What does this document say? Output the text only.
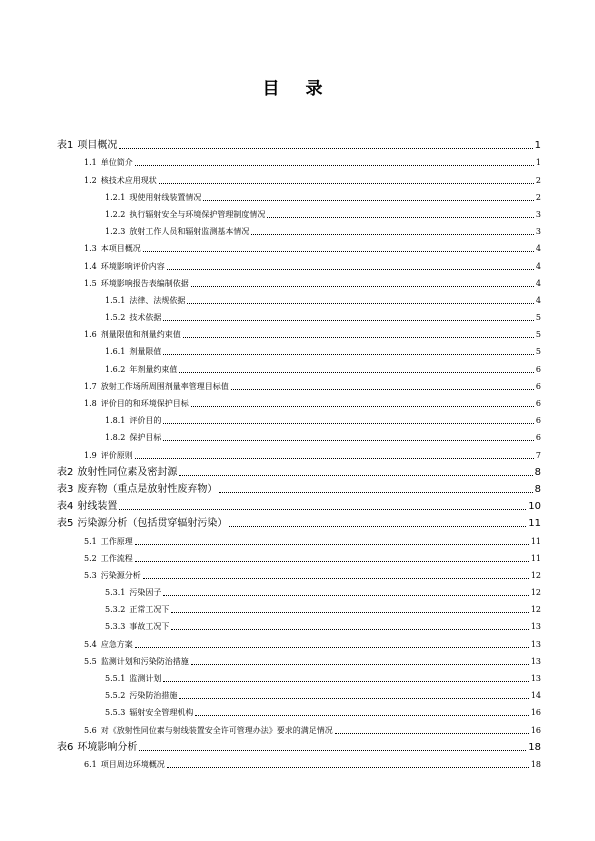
目 录
表1 项目概况	1
1.1 单位简介	1
1.2 核技术应用现状	2
1.2.1 现使用射线装置情况	2
1.2.2 执行辐射安全与环境保护管理制度情况	3
1.2.3 放射工作人员和辐射监测基本情况	3
1.3 本项目概况	4
1.4 环境影响评价内容	4
1.5 环境影响报告表编制依据	4
1.5.1 法律、法规依据	4
1.5.2 技术依据	5
1.6 剂量限值和剂量约束值	5
1.6.1 剂量限值	5
1.6.2 年剂量约束值	6
1.7 放射工作场所周围剂量率管理目标值	6
1.8 评价目的和环境保护目标	6
1.8.1 评价目的	6
1.8.2 保护目标	6
1.9 评价原则	7
表2 放射性同位素及密封源	8
表3 废弃物（重点是放射性废弃物）	8
表4 射线装置	10
表5 污染源分析（包括贯穿辐射污染）	11
5.1 工作原理	11
5.2 工作流程	11
5.3 污染源分析	12
5.3.1 污染因子	12
5.3.2 正常工况下	12
5.3.3 事故工况下	13
5.4 应急方案	13
5.5 监测计划和污染防治措施	13
5.5.1 监测计划	13
5.5.2 污染防治措施	14
5.5.3 辐射安全管理机构	16
5.6 对《放射性同位素与射线装置安全许可管理办法》要求的满足情况	16
表6 环境影响分析	18
6.1 项目周边环境概况	18
